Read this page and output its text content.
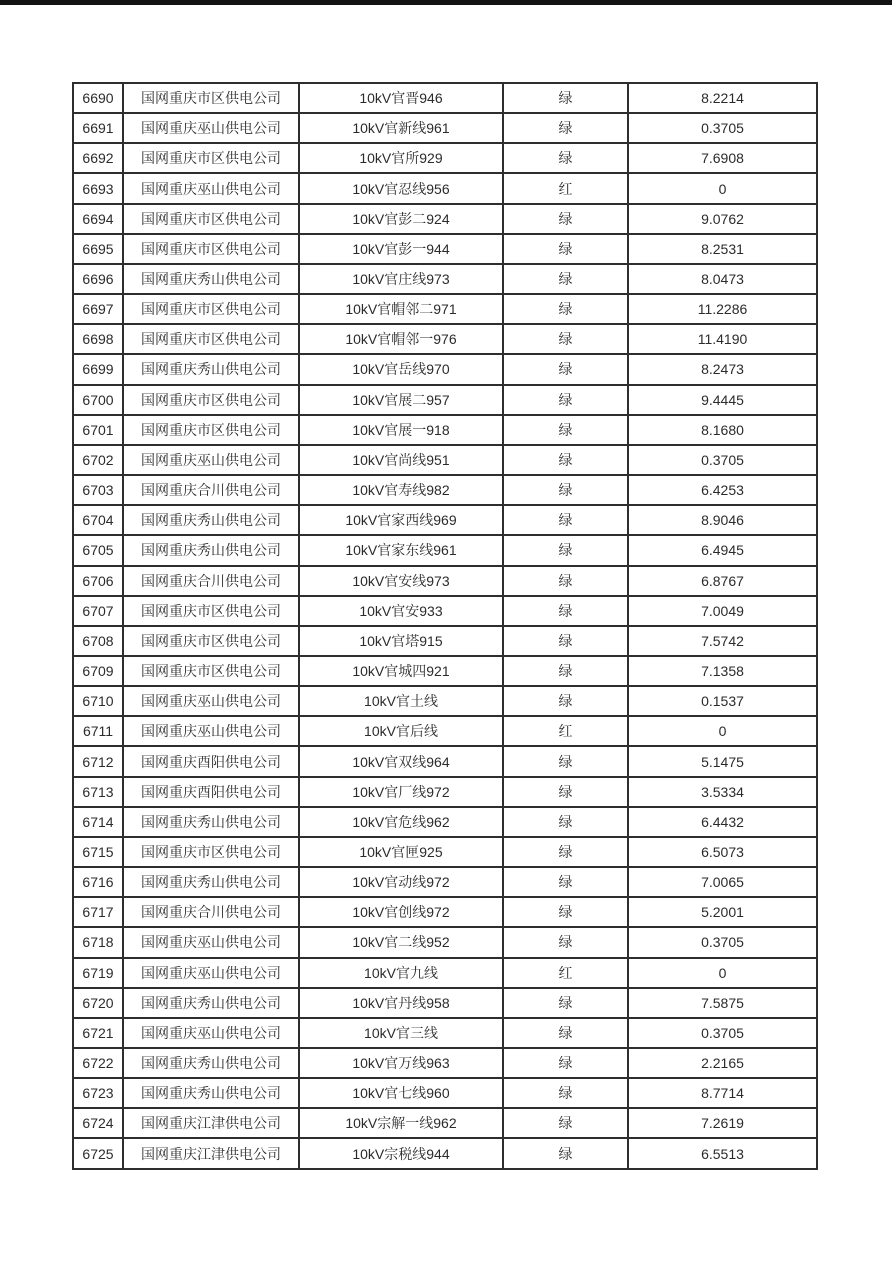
6690	国网重庆市区供电公司	10kV官晋946	绿	8.2214
6691	国网重庆巫山供电公司	10kV官新线961	绿	0.3705
6692	国网重庆市区供电公司	10kV官所929	绿	7.6908
6693	国网重庆巫山供电公司	10kV官忍线956	红	0
6694	国网重庆市区供电公司	10kV官彭二924	绿	9.0762
6695	国网重庆市区供电公司	10kV官彭一944	绿	8.2531
6696	国网重庆秀山供电公司	10kV官庄线973	绿	8.0473
6697	国网重庆市区供电公司	10kV官帽邻二971	绿	11.2286
6698	国网重庆市区供电公司	10kV官帽邻一976	绿	11.4190
6699	国网重庆秀山供电公司	10kV官岳线970	绿	8.2473
6700	国网重庆市区供电公司	10kV官展二957	绿	9.4445
6701	国网重庆市区供电公司	10kV官展一918	绿	8.1680
6702	国网重庆巫山供电公司	10kV官尚线951	绿	0.3705
6703	国网重庆合川供电公司	10kV官寿线982	绿	6.4253
6704	国网重庆秀山供电公司	10kV官家西线969	绿	8.9046
6705	国网重庆秀山供电公司	10kV官家东线961	绿	6.4945
6706	国网重庆合川供电公司	10kV官安线973	绿	6.8767
6707	国网重庆市区供电公司	10kV官安933	绿	7.0049
6708	国网重庆市区供电公司	10kV官塔915	绿	7.5742
6709	国网重庆市区供电公司	10kV官城四921	绿	7.1358
6710	国网重庆巫山供电公司	10kV官土线	绿	0.1537
6711	国网重庆巫山供电公司	10kV官后线	红	0
6712	国网重庆酉阳供电公司	10kV官双线964	绿	5.1475
6713	国网重庆酉阳供电公司	10kV官厂线972	绿	3.5334
6714	国网重庆秀山供电公司	10kV官危线962	绿	6.4432
6715	国网重庆市区供电公司	10kV官匣925	绿	6.5073
6716	国网重庆秀山供电公司	10kV官动线972	绿	7.0065
6717	国网重庆合川供电公司	10kV官创线972	绿	5.2001
6718	国网重庆巫山供电公司	10kV官二线952	绿	0.3705
6719	国网重庆巫山供电公司	10kV官九线	红	0
6720	国网重庆秀山供电公司	10kV官丹线958	绿	7.5875
6721	国网重庆巫山供电公司	10kV官三线	绿	0.3705
6722	国网重庆秀山供电公司	10kV官万线963	绿	2.2165
6723	国网重庆秀山供电公司	10kV官七线960	绿	8.7714
6724	国网重庆江津供电公司	10kV宗解一线962	绿	7.2619
6725	国网重庆江津供电公司	10kV宗税线944	绿	6.5513
